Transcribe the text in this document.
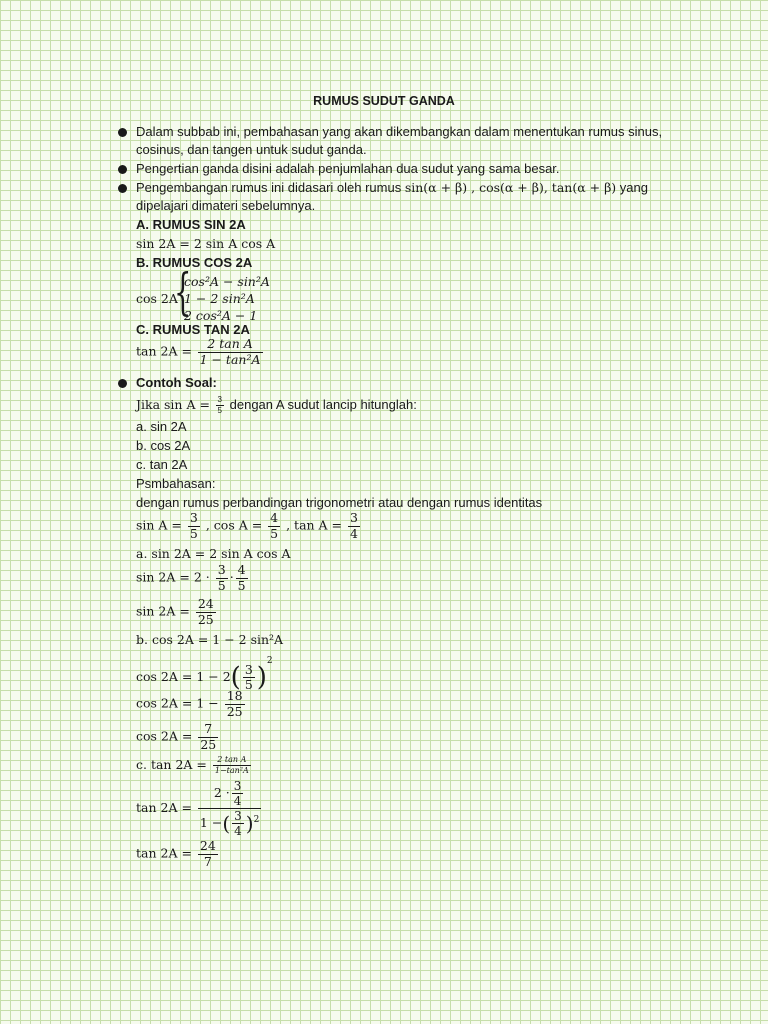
RUMUS SUDUT GANDA
Dalam subbab ini, pembahasan yang akan dikembangkan dalam menentukan rumus sinus,
cosinus, dan tangen untuk sudut ganda.
Pengertian ganda disini adalah penjumlahan dua sudut yang sama besar.
Pengembangan rumus ini didasari oleh rumus sin(α + β) , cos(α + β), tan(α + β) yang
dipelajari dimateri sebelumnya.
A. RUMUS SIN 2A
sin 2A = 2 sin A cos A
B. RUMUS COS 2A
cos 2A
{
cos²A − sin²A
1 − 2 sin²A
2 cos²A − 1
C. RUMUS TAN 2A
$\tan 2A = \frac{\text{2 tan A}}{\text{1 − tan²A}}$
Contoh Soal:
Jika $\sin A = \frac{3}{5}$ dengan A sudut lancip hitunglah:
a. sin 2A
b. cos 2A
c. tan 2A
Psmbahasan:
dengan rumus perbandingan trigonometri atau dengan rumus identitas
$\sin A = \frac{3}{5}$ , $\cos A = \frac{4}{5}$ , $\tan A = \frac{3}{4}$
a. sin 2A = 2 sin A cos A
$\sin 2A = 2 \cdot \frac{3}{5} \cdot \frac{4}{5}$
$\sin 2A = \frac{24}{25}$
b. cos 2A = 1 − 2 sin²A
$\cos 2A = 1 - 2( \frac{3}{5} )^2$
$\cos 2A = 1 - \frac{18}{25}$
$\cos 2A = \frac{7}{25}$
c. $\tan 2A = \frac{\text{2 tan A}}{\text{1−tan²A}}$
$\tan 2A = \frac{2 \cdot \frac{3}{4}}{1 -( \frac{3}{4} )^2}$
$\tan 2A = \frac{24}{7}$
